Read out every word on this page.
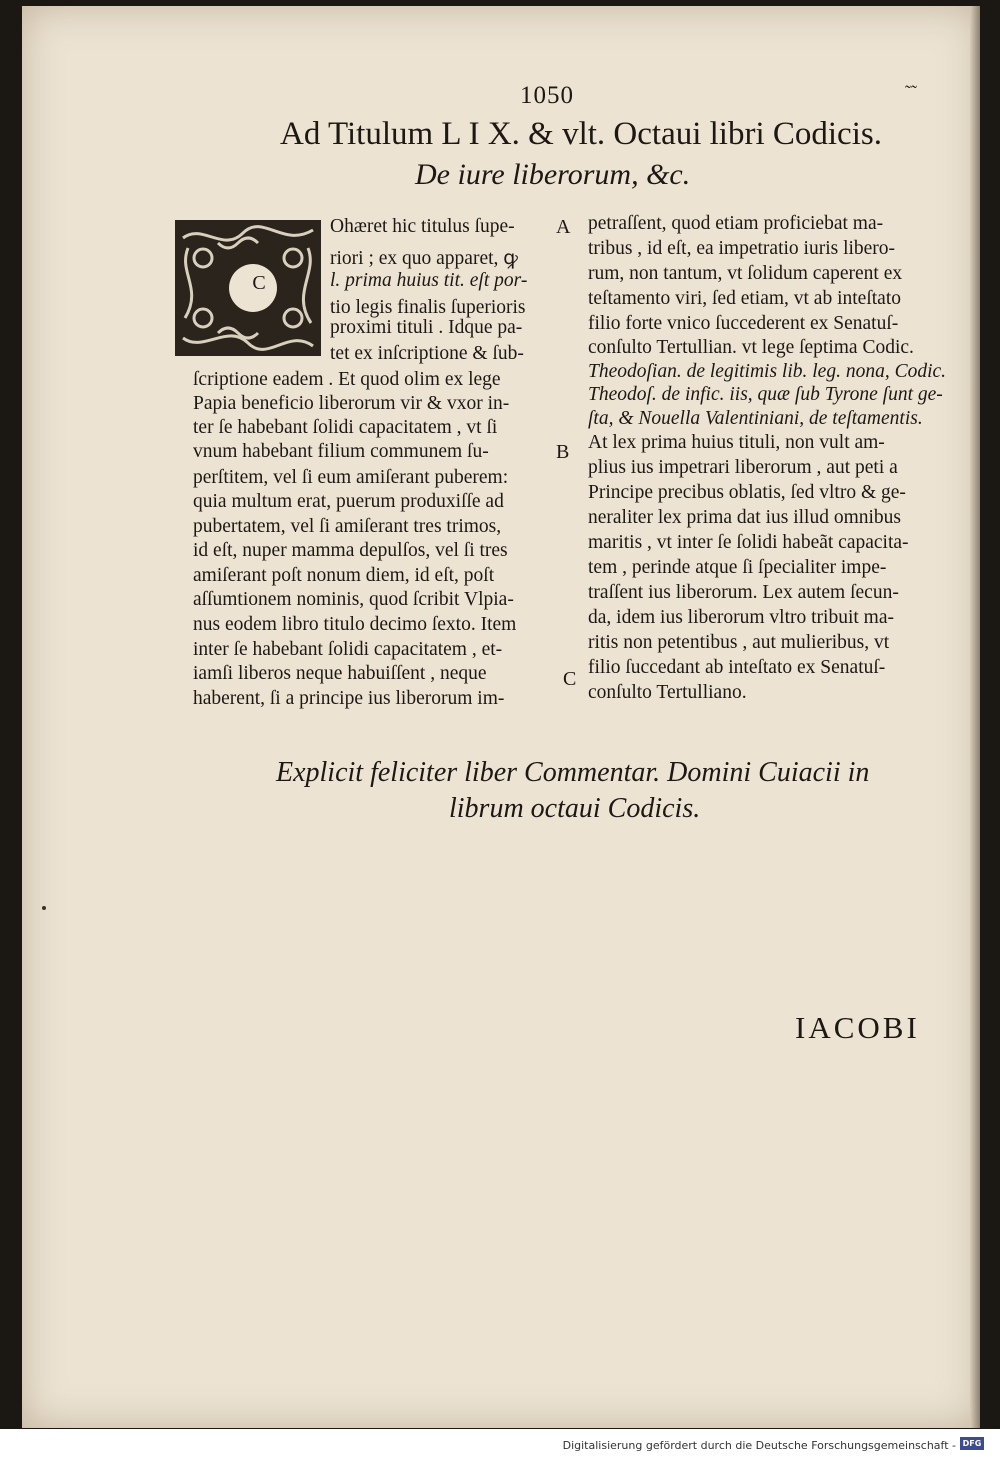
1050	˜˜
Ad Titulum L I X. & vlt. Octaui libri Codicis.
De iure liberorum, &c.
C
Ohæret hic titulus ſupe-
riori ; ex quo apparet, ꝙ
l. prima huius tit. eſt por-
tio legis finalis ſuperioris
proximi tituli . Idque pa-
tet ex inſcriptione & ſub-
ſcriptione eadem . Et quod olim ex lege
Papia beneficio liberorum vir & vxor in-
ter ſe habebant ſolidi capacitatem , vt ſi
vnum habebant filium communem ſu-
perſtitem, vel ſi eum amiſerant puberem:
quia multum erat, puerum produxiſſe ad
pubertatem, vel ſi amiſerant tres trimos,
id eſt, nuper mamma depulſos, vel ſi tres
amiſerant poſt nonum diem, id eſt, poſt
aſſumtionem nominis, quod ſcribit Vlpia-
nus eodem libro titulo decimo ſexto. Item
inter ſe habebant ſolidi capacitatem , et-
iamſi liberos neque habuiſſent , neque
haberent, ſi a principe ius liberorum im-
A
B
C
petraſſent, quod etiam proficiebat ma-
tribus , id eſt, ea impetratio iuris libero-
rum, non tantum, vt ſolidum caperent ex
teſtamento viri, ſed etiam, vt ab inteſtato
filio forte vnico ſuccederent ex Senatuſ-
conſulto Tertullian. vt lege ſeptima Codic.
Theodoſian. de legitimis lib. leg. nona, Codic.
Theodoſ. de infic. iis, quæ ſub Tyrone ſunt ge-
ſta, & Nouella Valentiniani, de teſtamentis.
At lex prima huius tituli, non vult am-
plius ius impetrari liberorum , aut peti a
Principe precibus oblatis, ſed vltro & ge-
neraliter lex prima dat ius illud omnibus
maritis , vt inter ſe ſolidi habeãt capacita-
tem , perinde atque ſi ſpecialiter impe-
traſſent ius liberorum. Lex autem ſecun-
da, idem ius liberorum vltro tribuit ma-
ritis non petentibus , aut mulieribus, vt
filio ſuccedant ab inteſtato ex Senatuſ-
conſulto Tertulliano.
Explicit feliciter liber Commentar. Domini Cuiacii in
librum octaui Codicis.
IACOBI
Digitalisierung gefördert durch die Deutsche Forschungsgemeinschaft - DFG
